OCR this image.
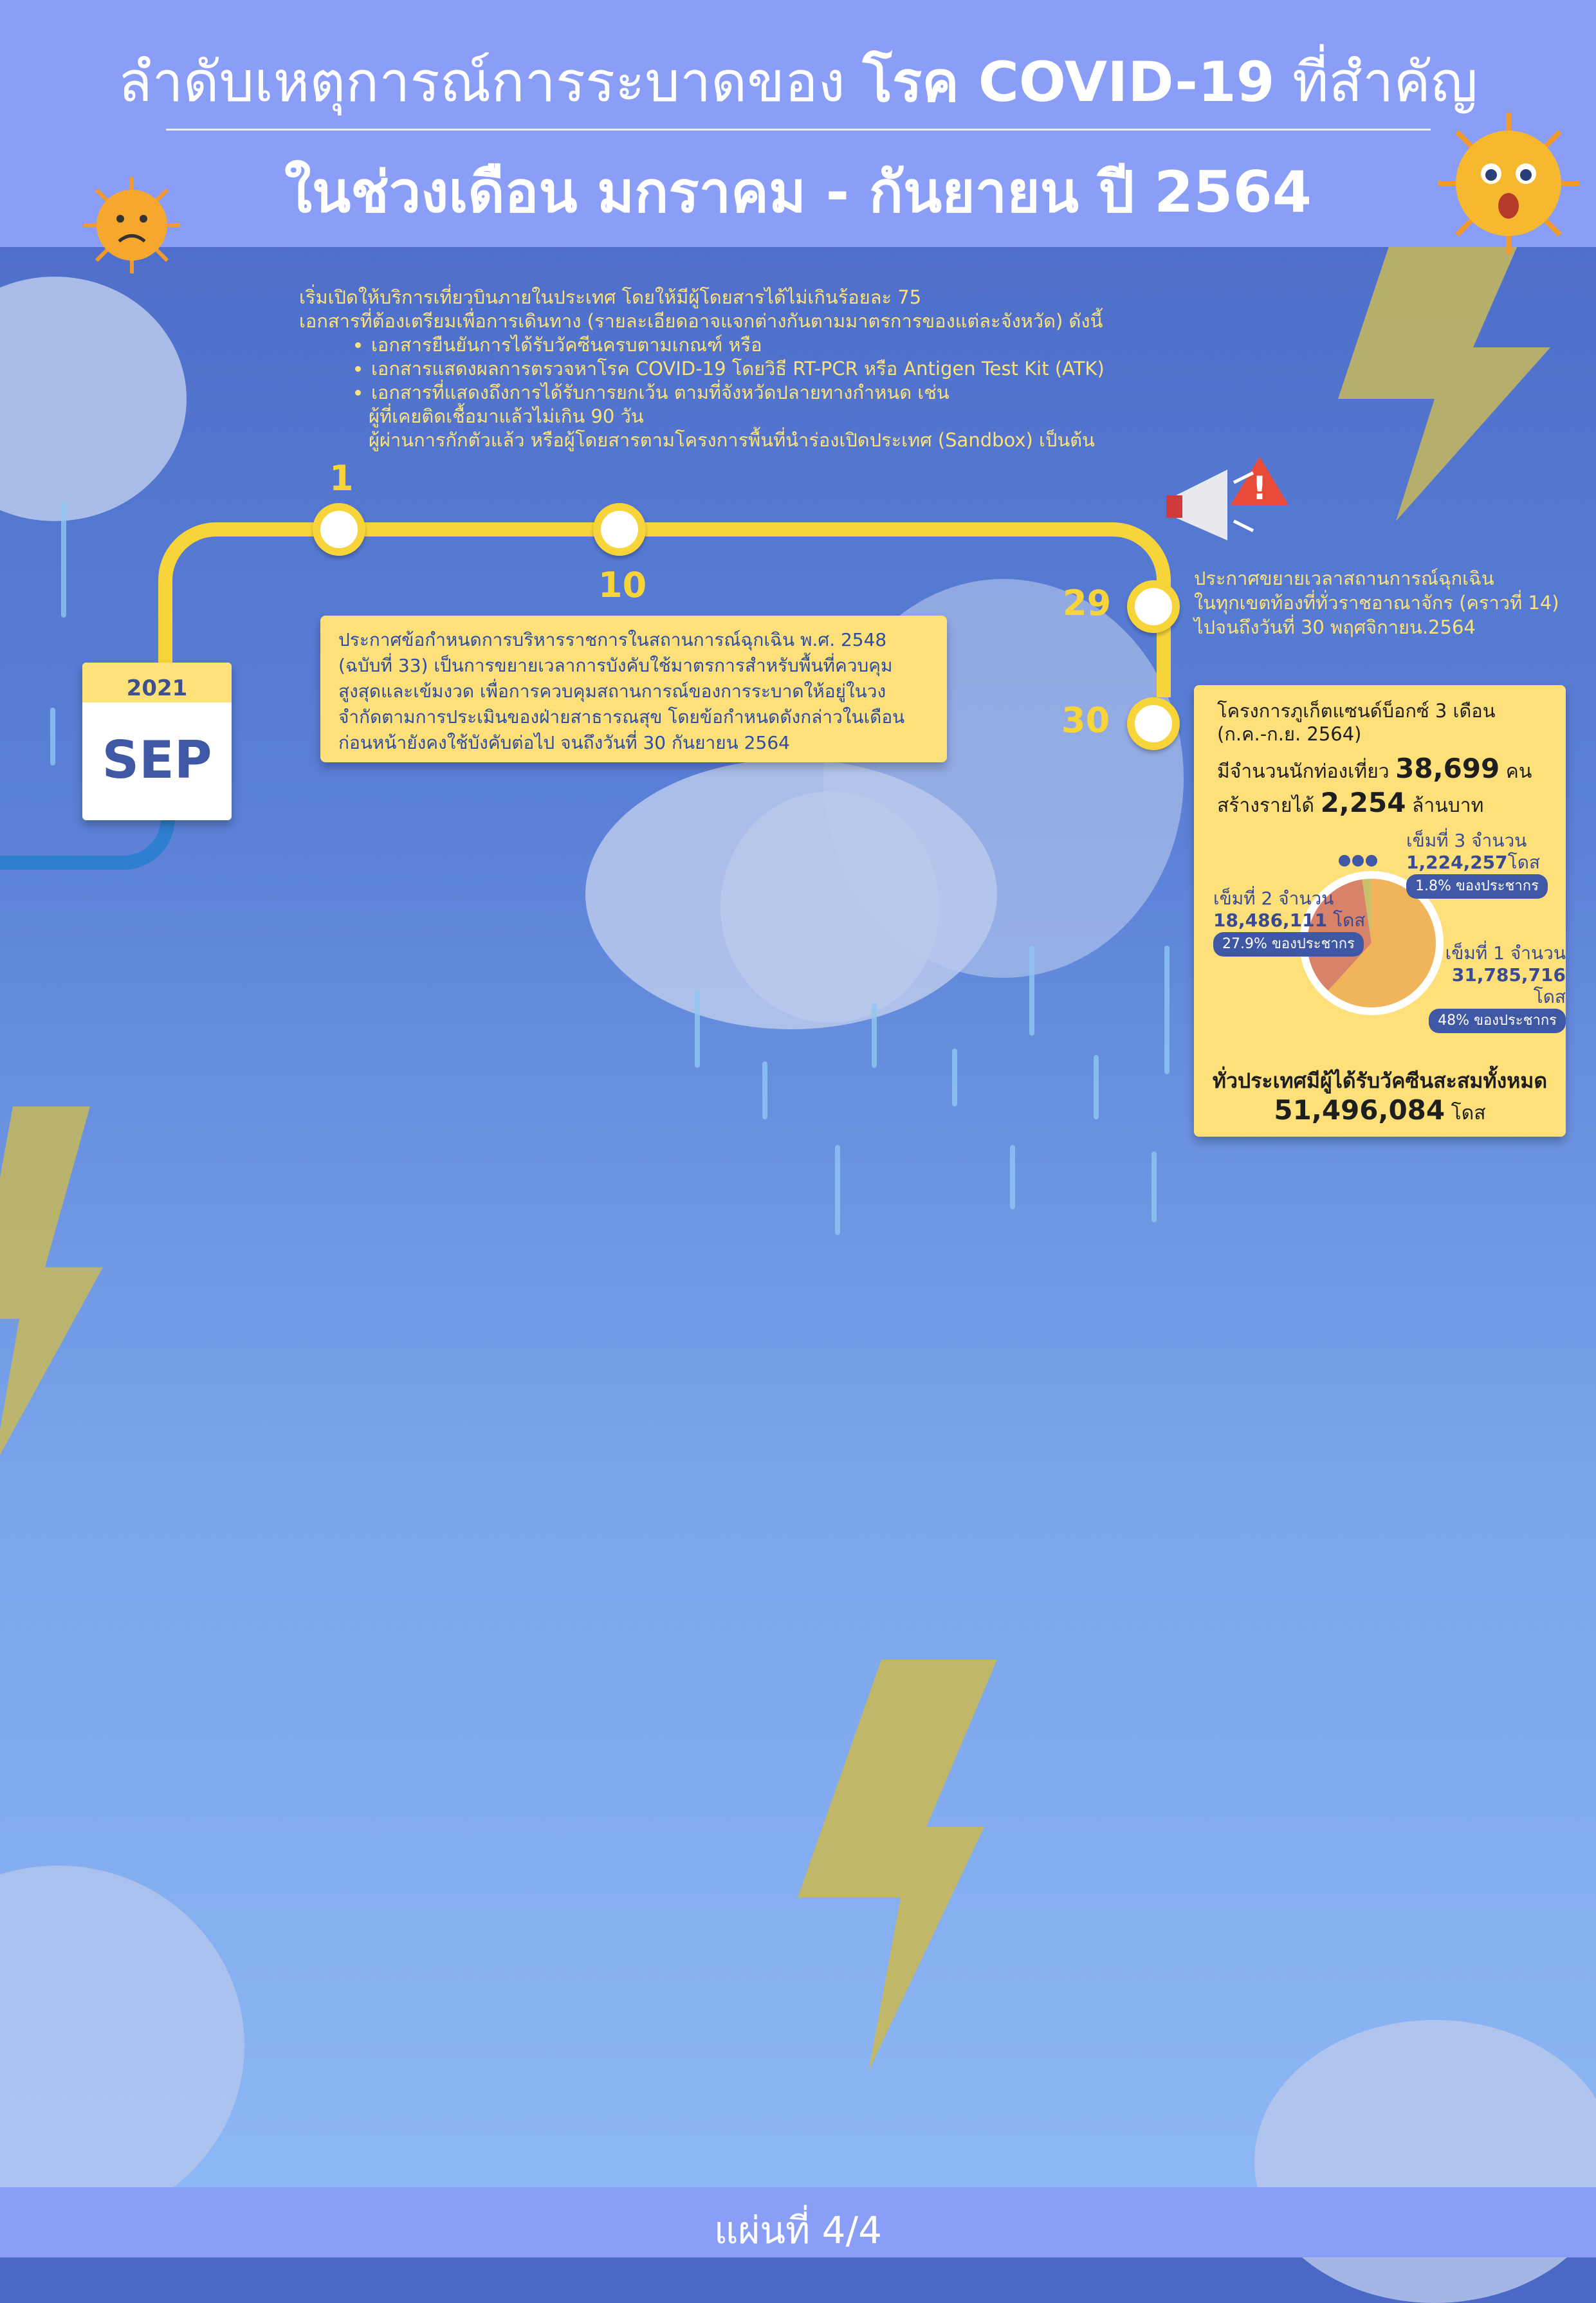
ลำดับเหตุการณ์การระบาดของ โรค COVID-19 ที่สำคัญ
ในช่วงเดือน มกราคม - กันยายน ปี 2564
เริ่มเปิดให้บริการเที่ยวบินภายในประเทศ โดยให้มีผู้โดยสารได้ไม่เกินร้อยละ 75
เอกสารที่ต้องเตรียมเพื่อการเดินทาง (รายละเอียดอาจแจกต่างกันตามมาตรการของแต่ละจังหวัด) ดังนี้
• เอกสารยืนยันการได้รับวัคซีนครบตามเกณฑ์ หรือ
• เอกสารแสดงผลการตรวจหาโรค COVID-19 โดยวิธี RT-PCR หรือ Antigen Test Kit (ATK)
• เอกสารที่แสดงถึงการได้รับการยกเว้น ตามที่จังหวัดปลายทางกำหนด เช่น
ผู้ที่เคยติดเชื้อมาแล้วไม่เกิน 90 วัน
ผู้ผ่านการกักตัวแล้ว หรือผู้โดยสารตามโครงการพื้นที่นำร่องเปิดประเทศ (Sandbox) เป็นต้น
1
10	29
30
2021
SEP
ประกาศข้อกำหนดการบริหารราชการในสถานการณ์ฉุกเฉิน พ.ศ. 2548 (ฉบับที่ 33) เป็นการขยายเวลาการบังคับใช้มาตรการสำหรับพื้นที่ควบคุมสูงสุดและเข้มงวด เพื่อการควบคุมสถานการณ์ของการระบาดให้อยู่ในวงจำกัดตามการประเมินของฝ่ายสาธารณสุข โดยข้อกำหนดดังกล่าวในเดือนก่อนหน้ายังคงใช้บังคับต่อไป จนถึงวันที่ 30 กันยายน 2564
!
ประกาศขยายเวลาสถานการณ์ฉุกเฉิน
ในทุกเขตท้องที่ทั่วราชอาณาจักร (คราวที่ 14)
ไปจนถึงวันที่ 30 พฤศจิกายน.2564
โครงการภูเก็ตแซนด์บ็อกซ์ 3 เดือน
(ก.ค.-ก.ย. 2564)
มีจำนวนนักท่องเที่ยว 38,699 คน
สร้างรายได้ 2,254 ล้านบาท
เข็มที่ 3 จำนวน
1,224,257โดส
1.8% ของประชากร
เข็มที่ 2 จำนวน
18,486,111 โดส
27.9% ของประชากร	เข็มที่ 1 จำนวน
31,785,716 โดส
48% ของประชากร
ทั่วประเทศมีผู้ได้รับวัคซีนสะสมทั้งหมด
51,496,084 โดส
แผ่นที่ 4/4
